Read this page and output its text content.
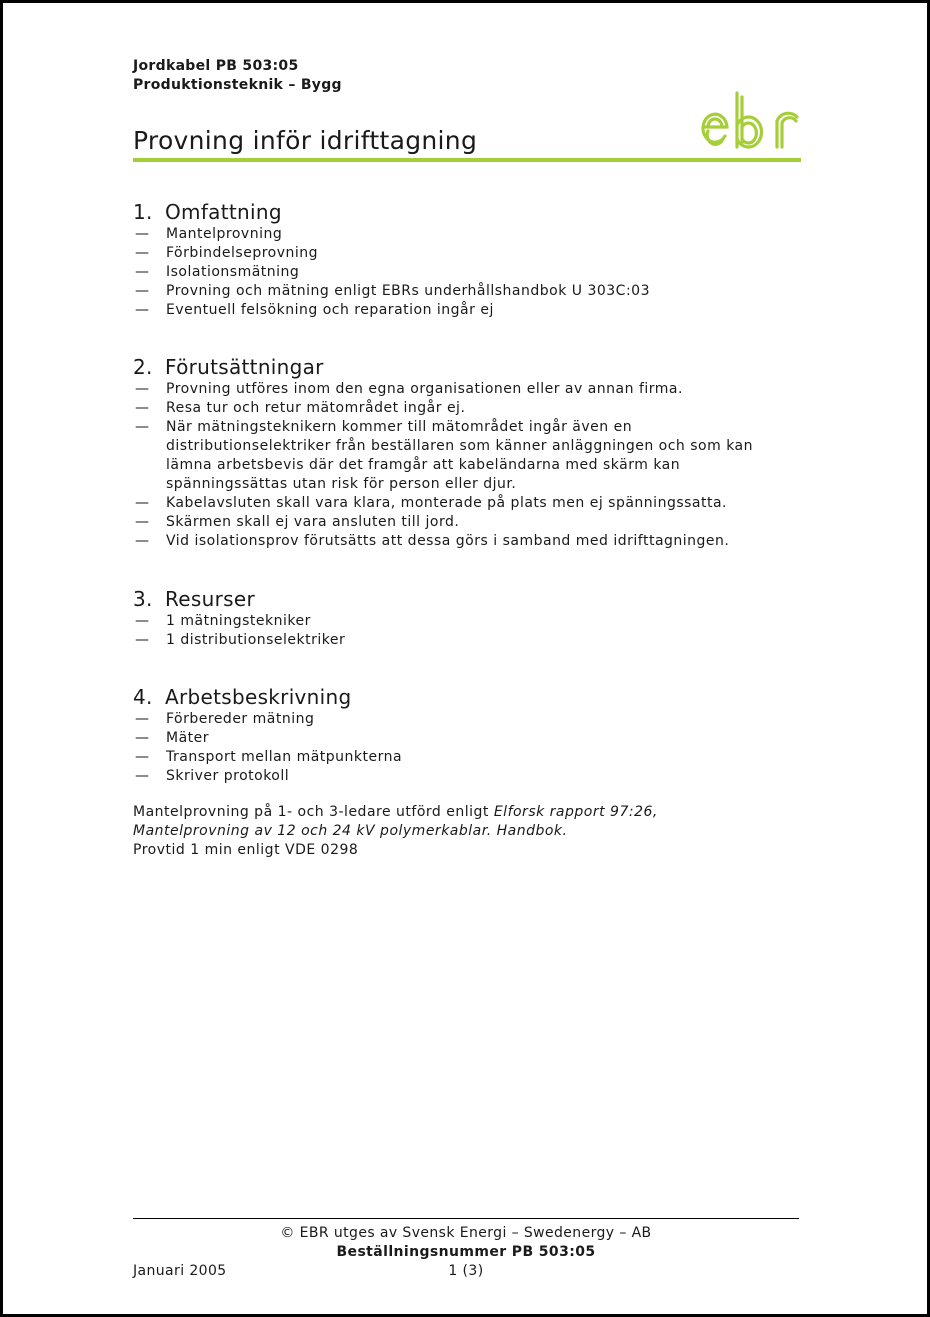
Jordkabel PB 503:05
Produktionsteknik – Bygg
Provning inför idrifttagning
1. Omfattning
— Mantelprovning
— Förbindelseprovning
— Isolationsmätning
— Provning och mätning enligt EBRs underhållshandbok U 303C:03
— Eventuell felsökning och reparation ingår ej
2. Förutsättningar
— Provning utföres inom den egna organisationen eller av annan firma.
— Resa tur och retur mätområdet ingår ej.
— När mätningsteknikern kommer till mätområdet ingår även en distributionselektriker från beställaren som känner anläggningen och som kan lämna arbetsbevis där det framgår att kabeländarna med skärm kan spänningssättas utan risk för person eller djur.
— Kabelavsluten skall vara klara, monterade på plats men ej spänningssatta.
— Skärmen skall ej vara ansluten till jord.
— Vid isolationsprov förutsätts att dessa görs i samband med idrifttagningen.
3. Resurser
— 1 mätningstekniker
— 1 distributionselektriker
4. Arbetsbeskrivning
— Förbereder mätning
— Mäter
— Transport mellan mätpunkterna
— Skriver protokoll
Mantelprovning på 1- och 3-ledare utförd enligt Elforsk rapport 97:26,
Mantelprovning av 12 och 24 kV polymerkablar. Handbok.
Provtid 1 min enligt VDE 0298
© EBR utges av Svensk Energi – Swedenergy – AB
Beställningsnummer PB 503:05
Januari 2005	1 (3)
